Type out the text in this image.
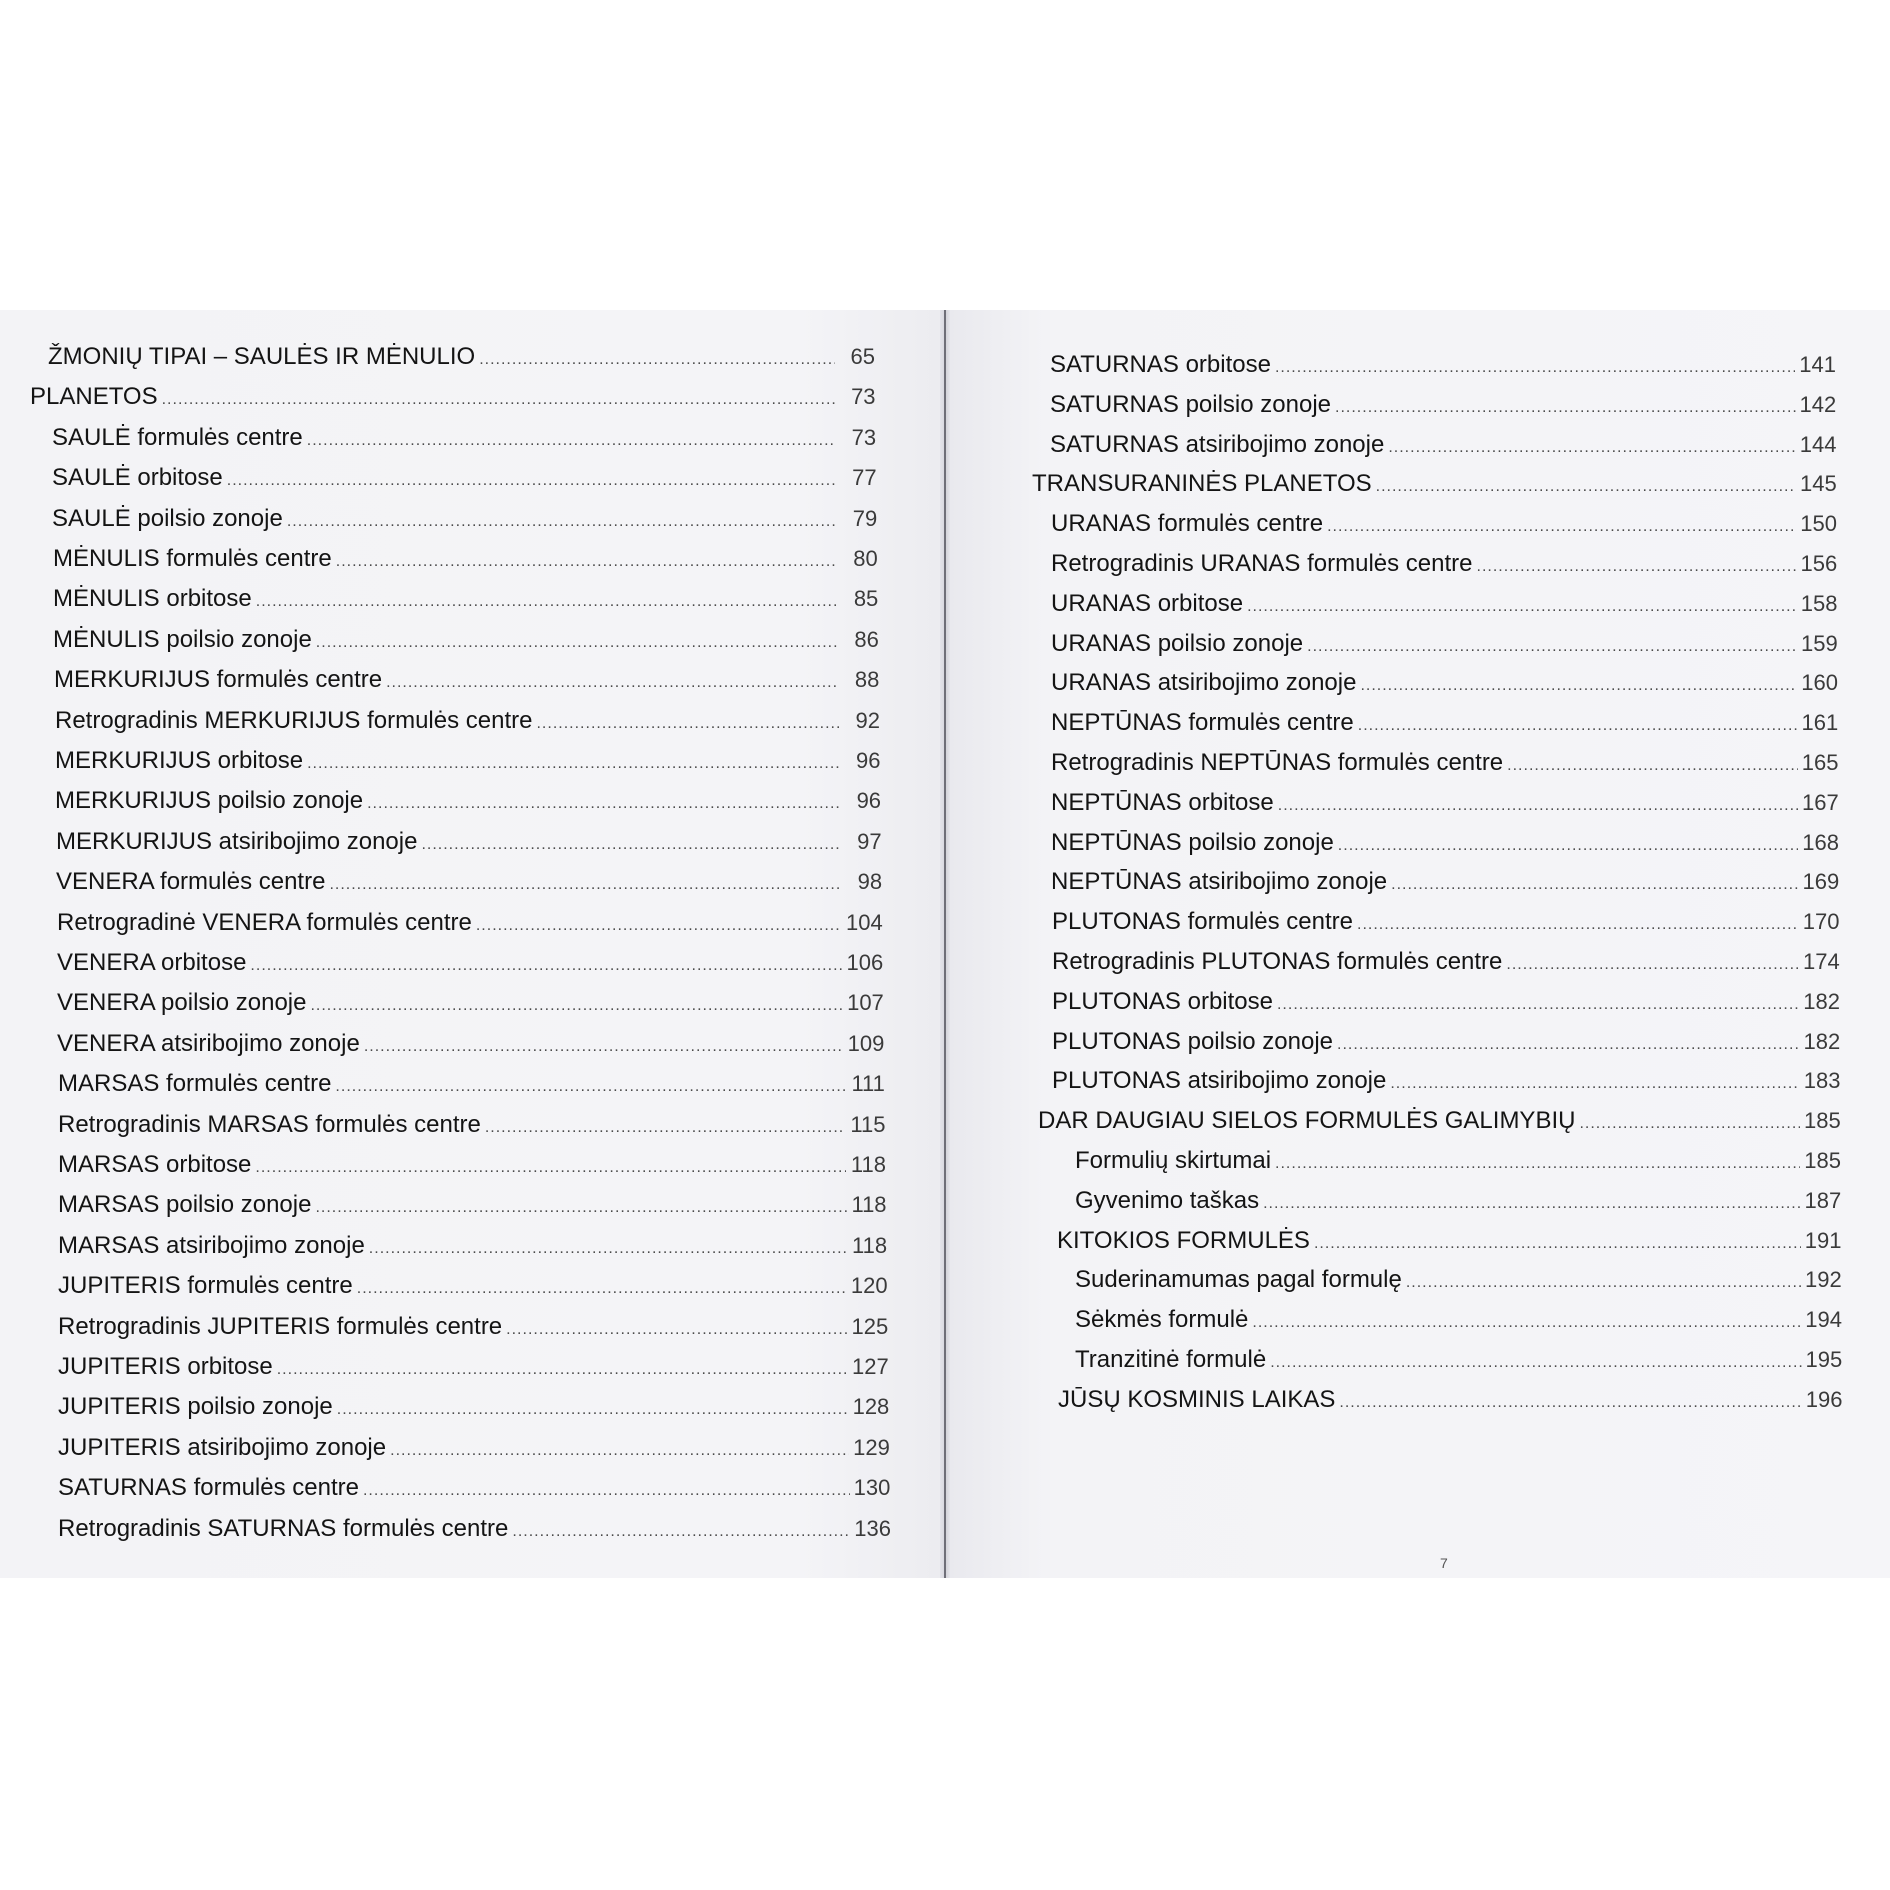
ŽMONIŲ TIPAI – SAULĖS IR MĖNULIO .....	65
PLANETOS .....	73
SAULĖ formulės centre .....	73
SAULĖ orbitose .....	77
SAULĖ poilsio zonoje .....	79
MĖNULIS formulės centre .....	80
MĖNULIS orbitose .....	85
MĖNULIS poilsio zonoje .....	86
MERKURIJUS formulės centre .....	88
Retrogradinis MERKURIJUS formulės centre .....	92
MERKURIJUS orbitose .....	96
MERKURIJUS poilsio zonoje .....	96
MERKURIJUS atsiribojimo zonoje .....	97
VENERA formulės centre .....	98
Retrogradinė VENERA formulės centre .....	104
VENERA orbitose .....	106
VENERA poilsio zonoje .....	107
VENERA atsiribojimo zonoje .....	109
MARSAS formulės centre .....	111
Retrogradinis MARSAS formulės centre .....	115
MARSAS orbitose .....	118
MARSAS poilsio zonoje .....	118
MARSAS atsiribojimo zonoje .....	118
JUPITERIS formulės centre .....	120
Retrogradinis JUPITERIS formulės centre .....	125
JUPITERIS orbitose .....	127
JUPITERIS poilsio zonoje .....	128
JUPITERIS atsiribojimo zonoje .....	129
SATURNAS formulės centre .....	130
Retrogradinis SATURNAS formulės centre .....	136
SATURNAS orbitose .....	141
SATURNAS poilsio zonoje .....	142
SATURNAS atsiribojimo zonoje .....	144
TRANSURANINĖS PLANETOS .....	145
URANAS formulės centre .....	150
Retrogradinis URANAS formulės centre .....	156
URANAS orbitose .....	158
URANAS poilsio zonoje .....	159
URANAS atsiribojimo zonoje .....	160
NEPTŪNAS formulės centre .....	161
Retrogradinis NEPTŪNAS formulės centre .....	165
NEPTŪNAS orbitose .....	167
NEPTŪNAS poilsio zonoje .....	168
NEPTŪNAS atsiribojimo zonoje .....	169
PLUTONAS formulės centre .....	170
Retrogradinis PLUTONAS formulės centre .....	174
PLUTONAS orbitose .....	182
PLUTONAS poilsio zonoje .....	182
PLUTONAS atsiribojimo zonoje .....	183
DAR DAUGIAU SIELOS FORMULĖS GALIMYBIŲ .....	185
Formulių skirtumai .....	185
Gyvenimo taškas .....	187
KITOKIOS FORMULĖS .....	191
Suderinamumas pagal formulę .....	192
Sėkmės formulė .....	194
Tranzitinė formulė .....	195
JŪSŲ KOSMINIS LAIKAS .....	196
7
